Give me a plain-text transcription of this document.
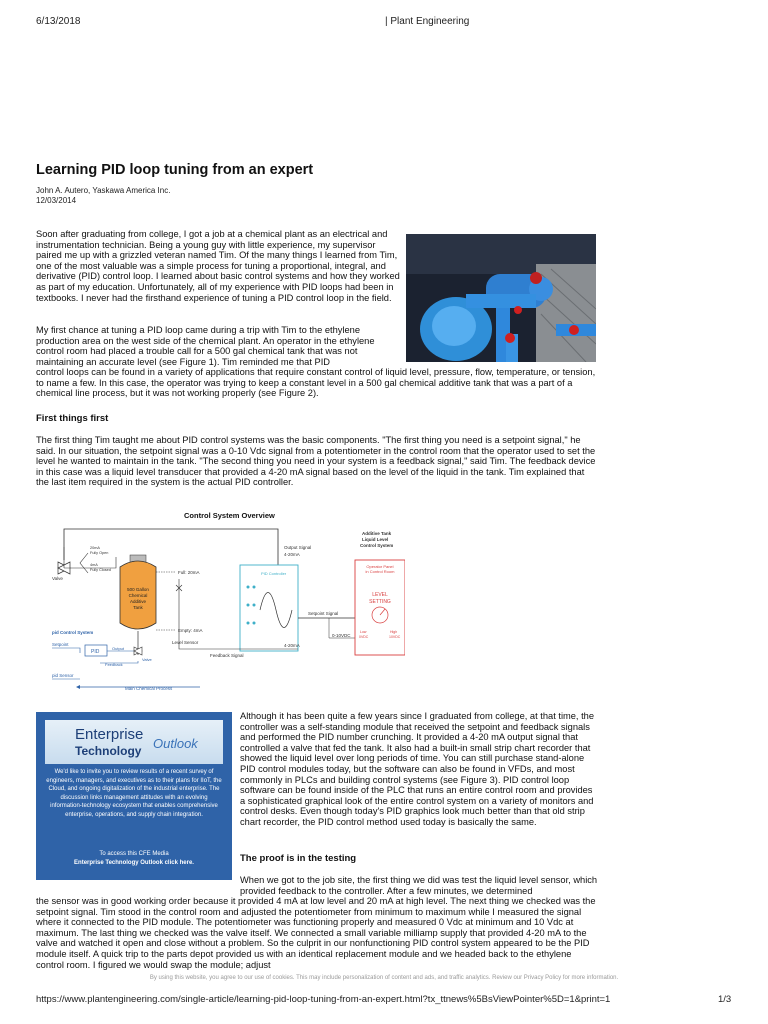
6/13/2018	| Plant Engineering
Learning PID loop tuning from an expert
John A. Autero, Yaskawa America Inc.
12/03/2014

Soon after graduating from college, I got a job at a chemical plant as an electrical and instrumentation technician. Being a young guy with little experience, my supervisor paired me up with a grizzled veteran named Tim. Of the many things I learned from Tim, one of the most valuable was a simple process for tuning a proportional, integral, and derivative (PID) control loop. I learned about basic control systems and how they worked as part of my education. Unfortunately, all of my experience with PID loops had been in textbooks. I never had the firsthand experience of tuning a PID control loop in the field.

My first chance at tuning a PID loop came during a trip with Tim to the ethylene production area on the west side of the chemical plant. An operator in the ethylene control room had placed a trouble call for a 500 gal chemical tank that was not maintaining an accurate level (see Figure 1). Tim reminded me that PID

control loops can be found in a variety of applications that require constant control of liquid level, pressure, flow, temperature, or tension, to name a few. In this case, the operator was trying to keep a constant level in a 500 gal chemical additive tank that was a part of a chemical line process, but it was not working properly (see Figure 2).

First things first

The first thing Tim taught me about PID control systems was the basic components. "The first thing you need is a setpoint signal," he said. In our situation, the setpoint signal was a 0-10 Vdc signal from a potentiometer in the control room that the operator used to set the level he wanted to maintain in the tank. "The second thing you need in your system is a feedback signal," said Tim. The feedback device in this case was a liquid level transducer that provided a 4-20 mA signal based on the level of the liquid in the tank. Tim explained that the last item required in the system is the actual PID controller.

Control System Overview
Output Signal
4-20mA
20mA
Fully Open
4mA
Fully Closed
Valve
500 Gallon
Chemical
Additive
Tank
Full: 20mA
Empty: 4mA
Level Sensor
PID Controller
Setpoint Signal
0-10VDC
4-20mA
Feedback Signal
Additive Tank
Liquid Level
Control System
Operator Panel
in Control Room
LEVEL
SETTING
Low
0VDC
High
10VDC
pid Control System
Setpoint
PID
Output
Valve
Feedback
pid Sensor
Main Chemical Process
Enterprise
Technology Outlook
We'd like to invite you to review results of a recent survey of engineers, managers, and executives as to their plans for IIoT, the Cloud, and ongoing digitalization of the industrial enterprise. The discussion links management attitudes with an evolving information-technology ecosystem that enables comprehensive enterprise, operations, and supply chain integration.
To access this CFE Media
Enterprise Technology Outlook click here.

Although it has been quite a few years since I graduated from college, at that time, the controller was a self-standing module that received the setpoint and feedback signals and performed the PID number crunching. It provided a 4-20 mA output signal that controlled a valve that fed the tank. It also had a built-in small strip chart recorder that showed the liquid level over long periods of time. You can still purchase stand-alone PID control modules today, but the software can also be found in VFDs, and most commonly in PLCs and building control systems (see Figure 3). PID control loop software can be found inside of the PLC that runs an entire control room and provides a sophisticated graphical look of the entire control system on a variety of monitors and control desks. Even though today's PID graphics look much better than that old strip chart recorder, the PID control method used today is basically the same.

The proof is in the testing

When we got to the job site, the first thing we did was test the liquid level sensor, which provided feedback to the controller. After a few minutes, we determined

the sensor was in good working order because it provided 4 mA at low level and 20 mA at high level. The next thing we checked was the setpoint signal. Tim stood in the control room and adjusted the potentiometer from minimum to maximum while I measured the signal where it connected to the PID module. The potentiometer was functioning properly and measured 0 Vdc at minimum and 10 Vdc at maximum. The last thing we checked was the valve itself. We connected a small variable milliamp supply that provided 4-20 mA to the valve and watched it open and close without a problem. So the culprit in our nonfunctioning PID control system appeared to be the PID module itself. A quick trip to the parts depot provided us with an identical replacement module and we headed back to the ethylene control room. I figured we would swap the module; adjust

By using this website, you agree to our use of cookies. This may include personalization of content and ads, and traffic analytics. Review our Privacy Policy for more information.
https://www.plantengineering.com/single-article/learning-pid-loop-tuning-from-an-expert.html?tx_ttnews%5BsViewPointer%5D=1&print=1	1/3
